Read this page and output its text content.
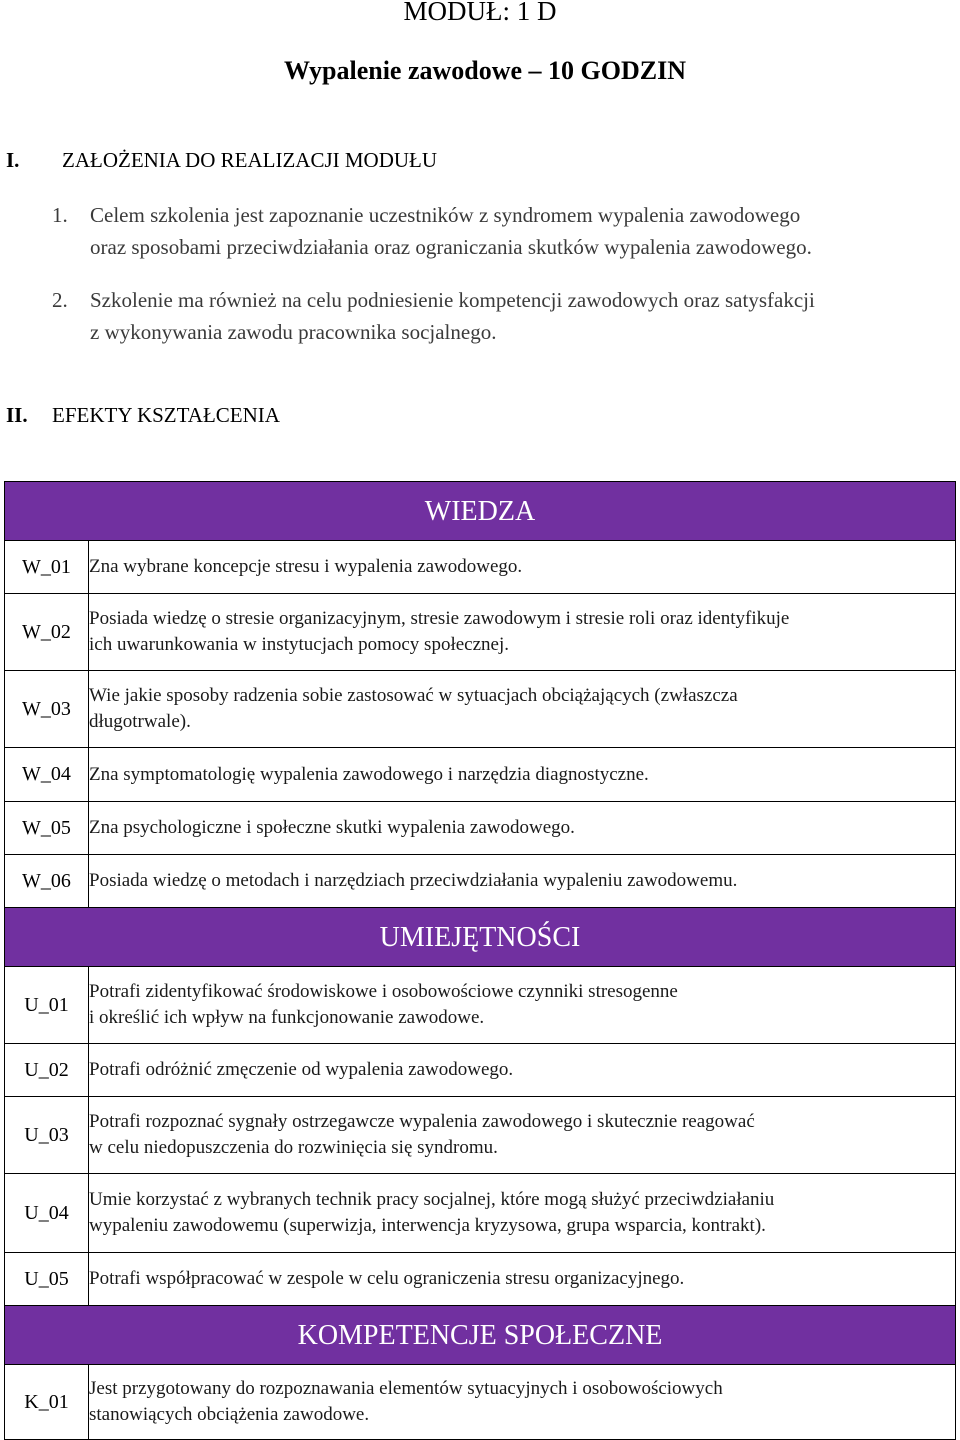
MODUŁ: 1 D
Wypalenie zawodowe – 10 GODZIN
I. ZAŁOŻENIA DO REALIZACJI MODUŁU
1. Celem szkolenia jest zapoznanie uczestników z syndromem wypalenia zawodowego
oraz sposobami przeciwdziałania oraz ograniczania skutków wypalenia zawodowego.
2. Szkolenie ma również na celu podniesienie kompetencji zawodowych oraz satysfakcji
z wykonywania zawodu pracownika socjalnego.
II. EFEKTY KSZTAŁCENIA
WIEDZA	
W_01	Zna wybrane koncepcje stresu i wypalenia zawodowego.

W_02	Posiada wiedzę o stresie organizacyjnym, stresie zawodowym i stresie roli oraz identyfikuje
ich uwarunkowania w instytucjach pomocy społecznej.

W_03	Wie jakie sposoby radzenia sobie zastosować w sytuacjach obciążających (zwłaszcza
długotrwale).

W_04	Zna symptomatologię wypalenia zawodowego i narzędzia diagnostyczne.

W_05	Zna psychologiczne i społeczne skutki wypalenia zawodowego.

W_06	Posiada wiedzę o metodach i narzędziach przeciwdziałania wypaleniu zawodowemu.

UMIEJĘTNOŚCI	
U_01	Potrafi zidentyfikować środowiskowe i osobowościowe czynniki stresogenne
i określić ich wpływ na funkcjonowanie zawodowe.

U_02	Potrafi odróżnić zmęczenie od wypalenia zawodowego.

U_03	Potrafi rozpoznać sygnały ostrzegawcze wypalenia zawodowego i skutecznie reagować
w celu niedopuszczenia do rozwinięcia się syndromu.

U_04	Umie korzystać z wybranych technik pracy socjalnej, które mogą służyć przeciwdziałaniu
wypaleniu zawodowemu (superwizja, interwencja kryzysowa, grupa wsparcia, kontrakt).

U_05	Potrafi współpracować w zespole w celu ograniczenia stresu organizacyjnego.

KOMPETENCJE SPOŁECZNE	
K_01	Jest przygotowany do rozpoznawania elementów sytuacyjnych i osobowościowych
stanowiących obciążenia zawodowe.
